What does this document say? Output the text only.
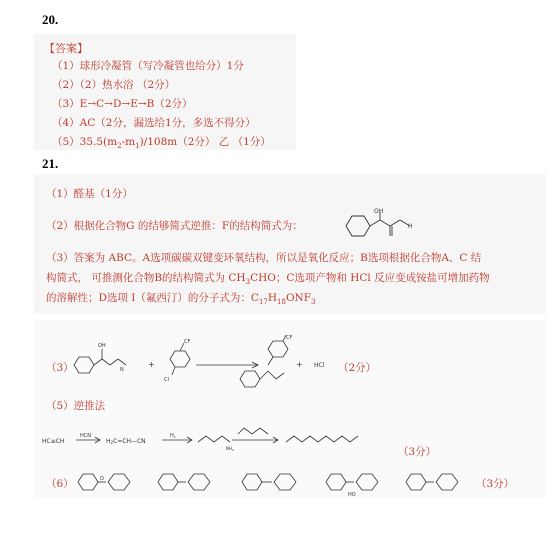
20.
【答案】
（1）球形冷凝管（写冷凝管也给分）1分
（2）（2）热水浴 （2分）
（3）E→C→D→E→B（2分）
（4）AC（2分，漏选给1分，多选不得分）
$(5)35.5(m_2-m_1)/108m(2$分） 乙 （1分）
21.
（1）醛基（1分）
（2）根据化合物G 的结够简式逆推：F的结构简式为：
OH
H
（3）答案为 ABC。A选项碳碳双键变环氧结构，所以是氧化反应；B选项根据化合物A、C 结
构简式， 可推测化合物B的结构简式为 $CH_3CHO$；C选项产物和 HCl 反应变成铵盐可增加药物
的溶解性；D选项 I（氟西汀）的分子式为：$C_{17}H_{18}ONF_3$
（3）
OH
N
+
CF
Cl
CF
+ HCl （2分）
（5）逆推法
HC≡CH
HCN
H2C=CH—CN
$H_2$
$NH_2$	（3分）
（6）	O
HO
（3分）
